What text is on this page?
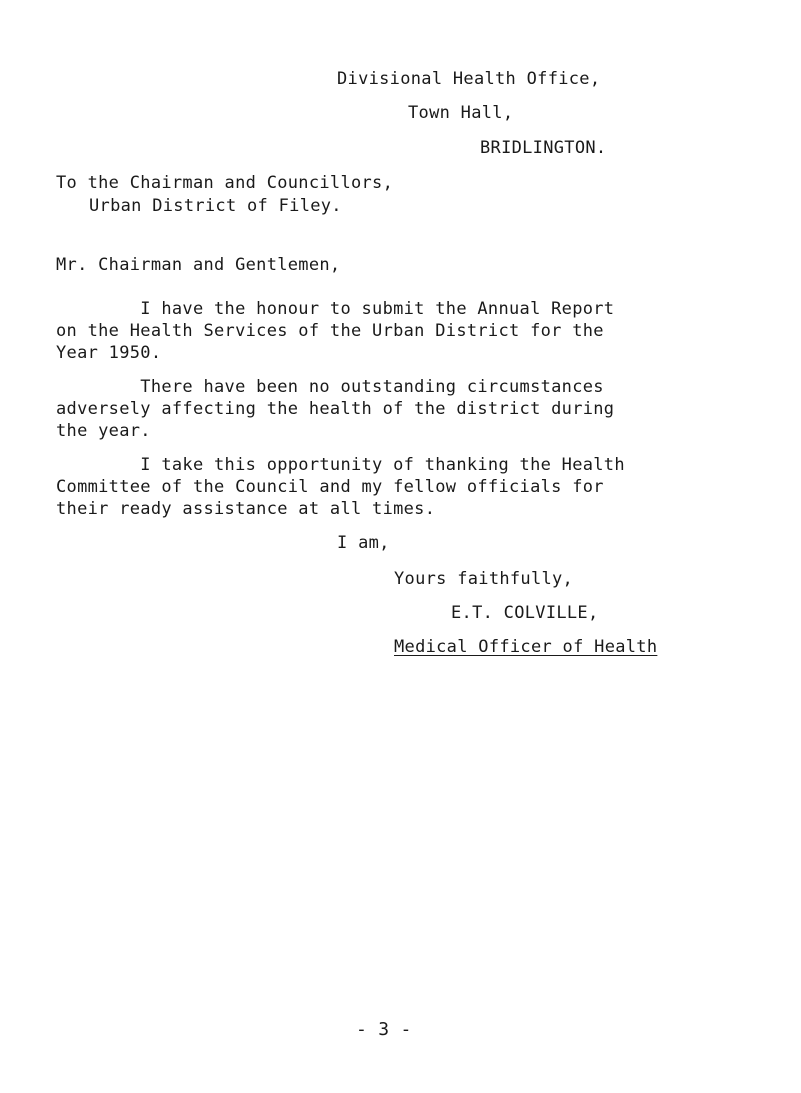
Divisional Health Office,
Town Hall,
BRIDLINGTON.
To the Chairman and Councillors,
Urban District of Filey.
Mr. Chairman and Gentlemen,
I have the honour to submit the Annual Report
on the Health Services of the Urban District for the
Year 1950.
There have been no outstanding circumstances
adversely affecting the health of the district during
the year.
I take this opportunity of thanking the Health
Committee of the Council and my fellow officials for
their ready assistance at all times.
I am,
Yours faithfully,
E.T. COLVILLE,
Medical Officer of Health
- 3 -
